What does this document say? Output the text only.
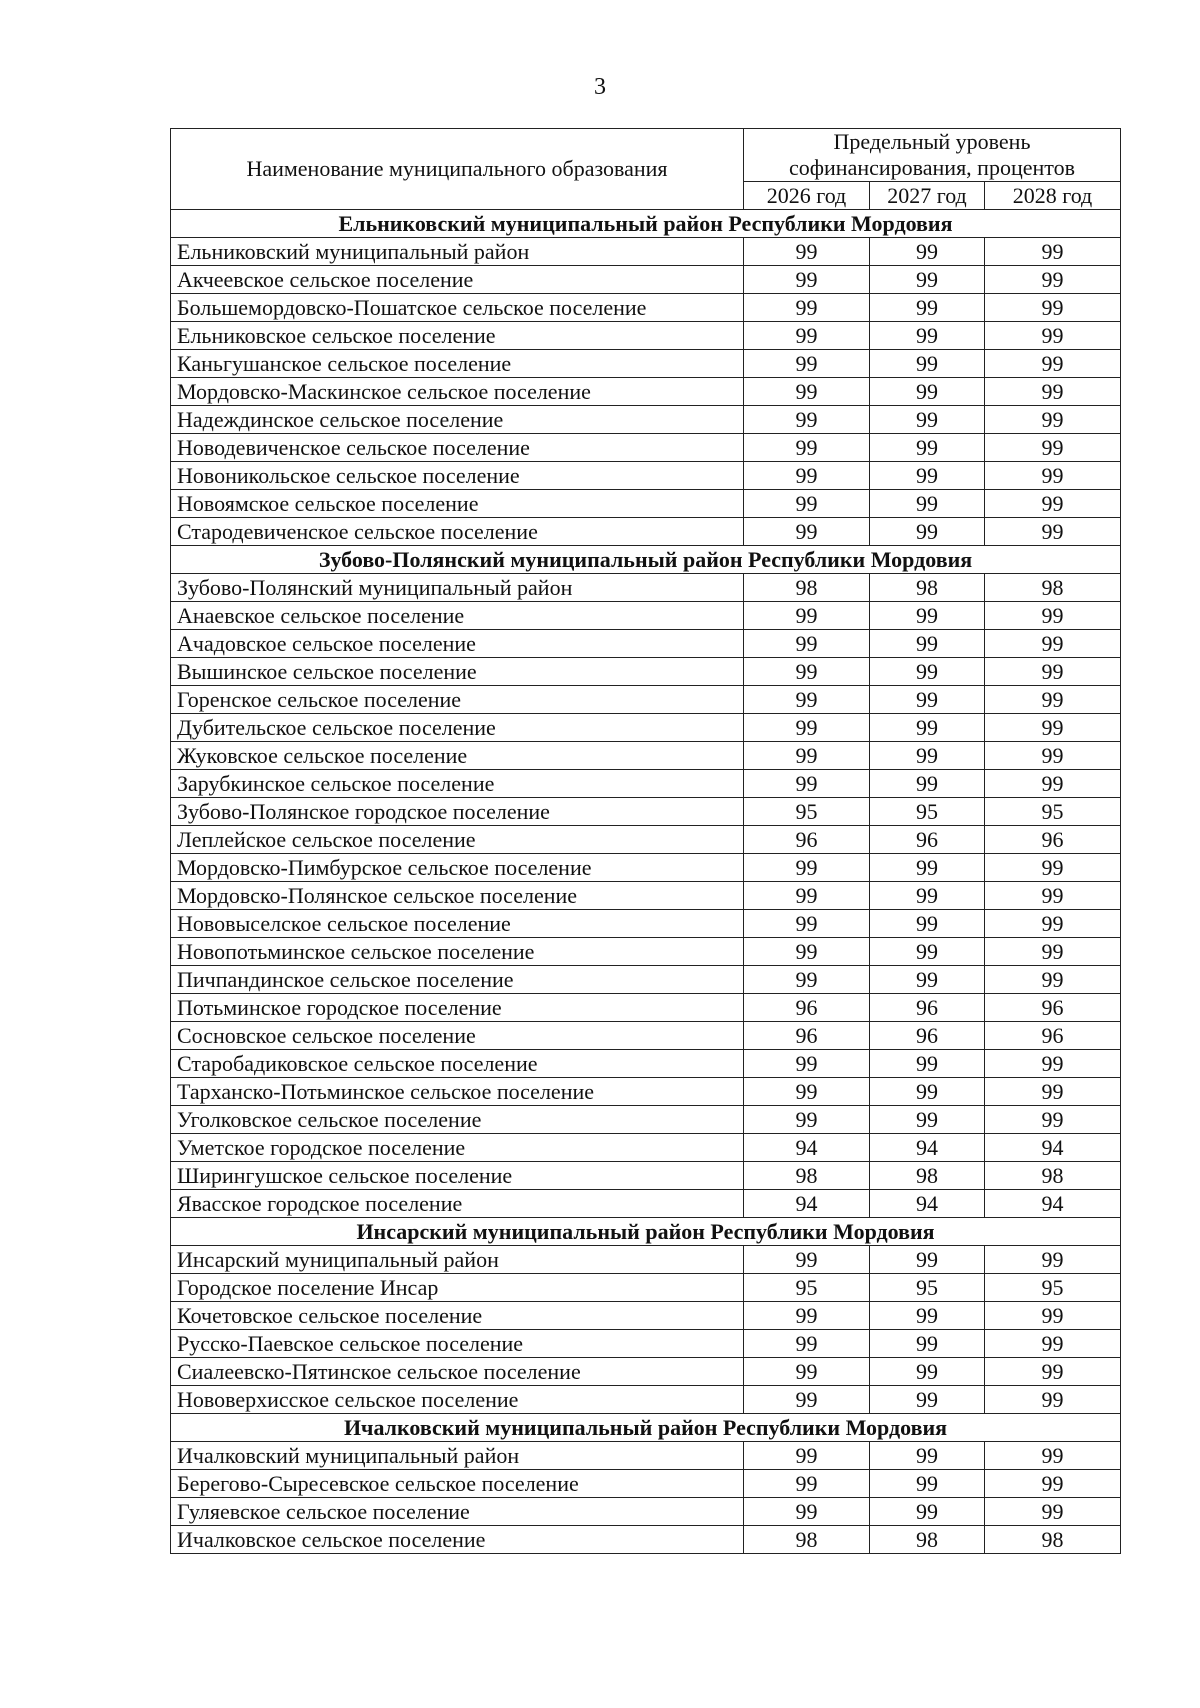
3
Наименование муниципального образования	Предельный уровень софинансирования, процентов		
	2026 год	2027 год	2028 год
Ельниковский муниципальный район Республики Мордовия			
Ельниковский муниципальный район	99	99	99
Акчеевское сельское поселение	99	99	99
Большемордовско-Пошатское сельское поселение	99	99	99
Ельниковское сельское поселение	99	99	99
Каньгушанское сельское поселение	99	99	99
Мордовско-Маскинское сельское поселение	99	99	99
Надеждинское сельское поселение	99	99	99
Новодевиченское сельское поселение	99	99	99
Новоникольское сельское поселение	99	99	99
Новоямское сельское поселение	99	99	99
Стародевиченское сельское поселение	99	99	99
Зубово-Полянский муниципальный район Республики Мордовия			
Зубово-Полянский муниципальный район	98	98	98
Анаевское сельское поселение	99	99	99
Ачадовское сельское поселение	99	99	99
Вышинское сельское поселение	99	99	99
Горенское сельское поселение	99	99	99
Дубительское сельское поселение	99	99	99
Жуковское сельское поселение	99	99	99
Зарубкинское сельское поселение	99	99	99
Зубово-Полянское городское поселение	95	95	95
Леплейское сельское поселение	96	96	96
Мордовско-Пимбурское сельское поселение	99	99	99
Мордовско-Полянское сельское поселение	99	99	99
Нововыселское сельское поселение	99	99	99
Новопотьминское сельское поселение	99	99	99
Пичпандинское сельское поселение	99	99	99
Потьминское городское поселение	96	96	96
Сосновское сельское поселение	96	96	96
Старобадиковское сельское поселение	99	99	99
Тарханско-Потьминское сельское поселение	99	99	99
Уголковское сельское поселение	99	99	99
Уметское городское поселение	94	94	94
Ширингушское сельское поселение	98	98	98
Явасское городское поселение	94	94	94
Инсарский муниципальный район Республики Мордовия			
Инсарский муниципальный район	99	99	99
Городское поселение Инсар	95	95	95
Кочетовское сельское поселение	99	99	99
Русско-Паевское сельское поселение	99	99	99
Сиалеевско-Пятинское сельское поселение	99	99	99
Нововерхисское сельское поселение	99	99	99
Ичалковский муниципальный район Республики Мордовия			
Ичалковский муниципальный район	99	99	99
Берегово-Сыресевское сельское поселение	99	99	99
Гуляевское сельское поселение	99	99	99
Ичалковское сельское поселение	98	98	98
